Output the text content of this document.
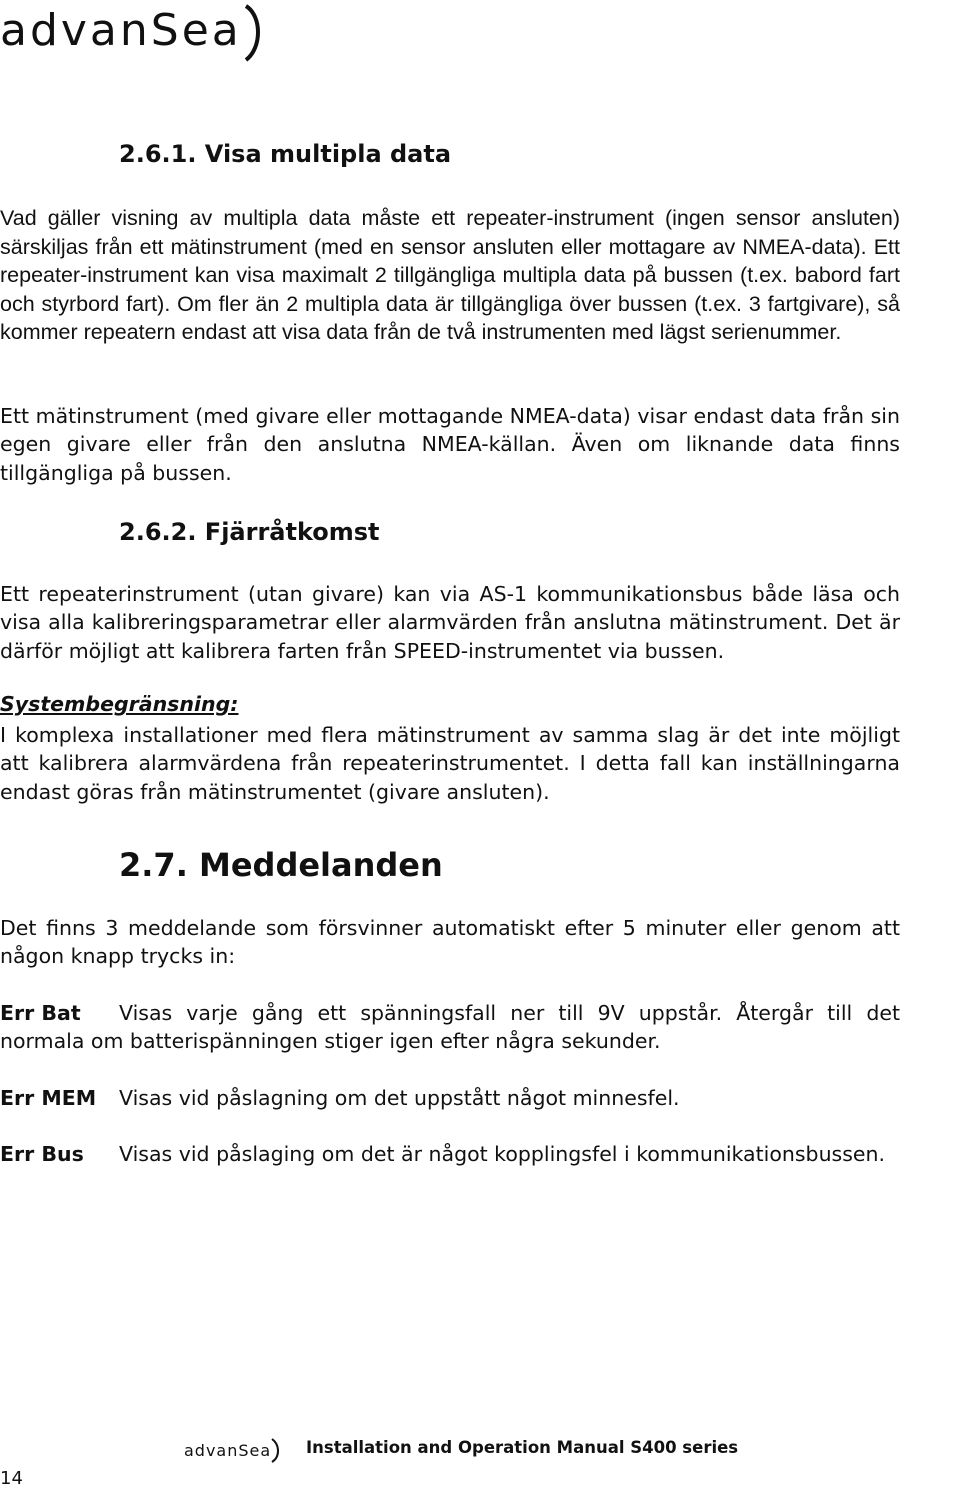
advanSea
2.6.1. Visa multipla data

Vad gäller visning av multipla data måste ett repeater-instrument (ingen sensor ansluten) särskiljas från ett mätinstrument (med en sensor ansluten eller mottagare av NMEA-data). Ett repeater-instrument kan visa maximalt 2 tillgängliga multipla data på bussen (t.ex. babord fart och styrbord fart). Om fler än 2 multipla data är tillgängliga över bussen (t.ex. 3 fartgivare), så kommer repeatern endast att visa data från de två instrumenten med lägst serienummer.

Ett mätinstrument (med givare eller mottagande NMEA-data) visar endast data från sin egen givare eller från den anslutna NMEA-källan. Även om liknande data finns tillgängliga på bussen.

2.6.2. Fjärråtkomst

Ett repeaterinstrument (utan givare) kan via AS-1 kommunikationsbus både läsa och visa alla kalibreringsparametrar eller alarmvärden från anslutna mätinstrument. Det är därför möjligt att kalibrera farten från SPEED-instrumentet via bussen.

Systembegränsning:

I komplexa installationer med flera mätinstrument av samma slag är det inte möjligt att kalibrera alarmvärdena från repeaterinstrumentet. I detta fall kan inställningarna endast göras från mätinstrumentet (givare ansluten).

2.7. Meddelanden

Det finns 3 meddelande som försvinner automatiskt efter 5 minuter eller genom att någon knapp trycks in:

Err Bat Visas varje gång ett spänningsfall ner till 9V uppstår. Återgår till det normala om batterispänningen stiger igen efter några sekunder.

Err MEM Visas vid påslagning om det uppstått något minnesfel.

Err Bus Visas vid påslaging om det är något kopplingsfel i kommunikationsbussen.

advanSea Installation and Operation Manual S400 series

14
